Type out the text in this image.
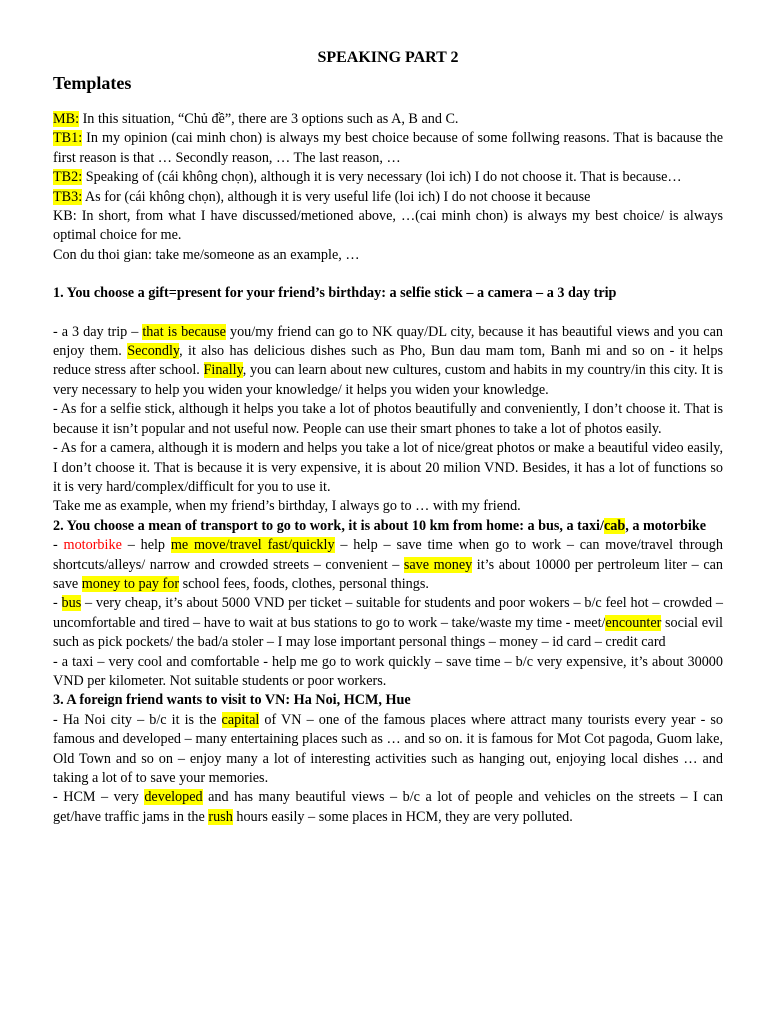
SPEAKING PART 2
Templates

MB: In this situation, “Chủ đề”, there are 3 options such as A, B and C.

TB1: In my opinion (cai minh chon) is always my best choice because of some follwing reasons. That is bacause the first reason is that … Secondly reason, … The last reason, …

TB2: Speaking of (cái không chọn), although it is very necessary (loi ich) I do not choose it. That is because…

TB3: As for (cái không chọn), although it is very useful life (loi ich) I do not choose it because

KB: In short, from what I have discussed/metioned above, …(cai minh chon) is always my best choice/ is always optimal choice for me.

Con du thoi gian: take me/someone as an example, …

1. You choose a gift=present for your friend’s birthday: a selfie stick – a camera – a 3 day trip

- a 3 day trip – that is because you/my friend can go to NK quay/DL city, because it has beautiful views and you can enjoy them. Secondly, it also has delicious dishes such as Pho, Bun dau mam tom, Banh mi and so on - it helps reduce stress after school. Finally, you can learn about new cultures, custom and habits in my country/in this city. It is very necessary to help you widen your knowledge/ it helps you widen your knowledge.

- As for a selfie stick, although it helps you take a lot of photos beautifully and conveniently, I don’t choose it. That is because it isn’t popular and not useful now. People can use their smart phones to take a lot of photos easily.

- As for a camera, although it is modern and helps you take a lot of nice/great photos or make a beautiful video easily, I don’t choose it. That is because it is very expensive, it is about 20 milion VND. Besides, it has a lot of functions so it is very hard/complex/difficult for you to use it.

Take me as example, when my friend’s birthday, I always go to … with my friend.

2. You choose a mean of transport to go to work, it is about 10 km from home: a bus, a taxi/cab, a motorbike

- motorbike – help me move/travel fast/quickly – help – save time when go to work – can move/travel through shortcuts/alleys/ narrow and crowded streets – convenient – save money it’s about 10000 per pertroleum liter – can save money to pay for school fees, foods, clothes, personal things.

- bus – very cheap, it’s about 5000 VND per ticket – suitable for students and poor wokers – b/c feel hot – crowded – uncomfortable and tired – have to wait at bus stations to go to work – take/waste my time - meet/encounter social evil such as pick pockets/ the bad/a stoler – I may lose important personal things – money – id card – credit card

- a taxi – very cool and comfortable - help me go to work quickly – save time – b/c very expensive, it’s about 30000 VND per kilometer. Not suitable students or poor workers.

3. A foreign friend wants to visit to VN: Ha Noi, HCM, Hue

- Ha Noi city – b/c it is the capital of VN – one of the famous places where attract many tourists every year - so famous and developed – many entertaining places such as … and so on. it is famous for Mot Cot pagoda, Guom lake, Old Town and so on – enjoy many a lot of interesting activities such as hanging out, enjoying local dishes … and taking a lot of to save your memories.

- HCM – very developed and has many beautiful views – b/c a lot of people and vehicles on the streets – I can get/have traffic jams in the rush hours easily – some places in HCM, they are very polluted.
